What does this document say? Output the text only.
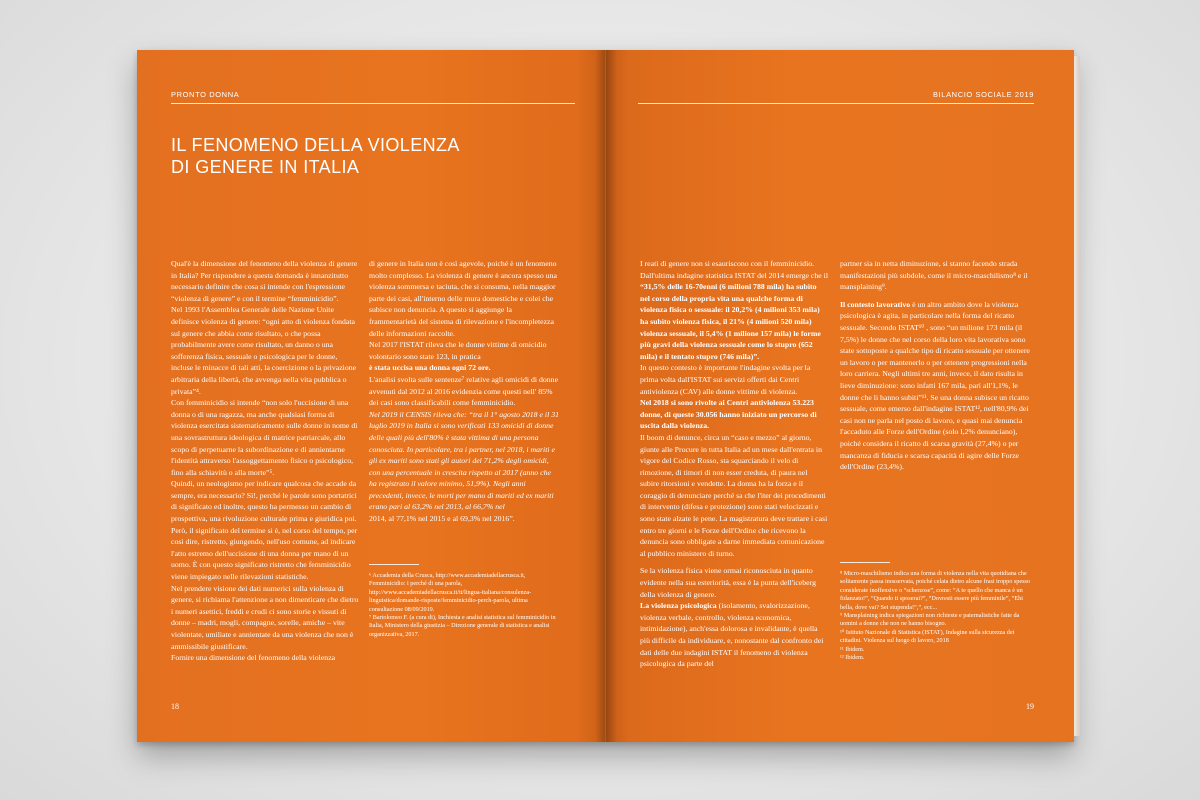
PRONTO DONNA
IL FENOMENO DELLA VIOLENZA
DI GENERE IN ITALIA

Qual'è la dimensione del fenomeno della violenza di genere in Italia? Per rispondere a questa domanda è innanzitutto necessario definire che cosa si intende con l'espressione “violenza di genere” e con il termine “femminicidio”.

Nel 1993 l'Assemblea Generale delle Nazione Unite definisce violenza di genere: “ogni atto di violenza fondata sul genere che abbia come risultato, o che possa probabilmente avere come risultato, un danno o una sofferenza fisica, sessuale o psicologica per le donne, incluse le minacce di tali atti, la coercizione o la privazione arbitraria della libertà, che avvenga nella vita pubblica o privata”⁴.

Con femminicidio si intende “non solo l'uccisione di una donna o di una ragazza, ma anche qualsiasi forma di violenza esercitata sistematicamente sulle donne in nome di una sovrastruttura ideologica di matrice patriarcale, allo scopo di perpetuarne la subordinazione e di annientarne l'identità attraverso l'assoggettamento fisico o psicologico, fino alla schiavitù o alla morte”⁵.

Quindi, un neologismo per indicare qualcosa che accade da sempre, era necessario? Sì!, perché le parole sono portatrici di significato ed inoltre, questo ha permesso un cambio di prospettiva, una rivoluzione culturale prima e giuridica poi. Però, il significato del termine si è, nel corso del tempo, per così dire, ristretto, giungendo, nell'uso comune, ad indicare l'atto estremo dell'uccisione di una donna per mano di un uomo. È con questo significato ristretto che femminicidio viene impiegato nelle rilevazioni statistiche.

Nel prendere visione dei dati numerici sulla violenza di genere, si richiama l'attenzione a non dimenticare che dietro i numeri asettici, freddi e crudi ci sono storie e vissuti di donne – madri, mogli, compagne, sorelle, amiche – vite violentate, umiliate e annientate da una violenza che non è ammissibile giustificare.

Fornire una dimensione del fenomeno della violenza

di genere in Italia non è così agevole, poiché è un fenomeno molto complesso. La violenza di genere è ancora spesso una violenza sommersa e taciuta, che si consuma, nella maggior parte dei casi, all'interno delle mura domestiche e colei che subisce non denuncia. A questo si aggiunge la frammentarietà del sistema di rilevazione e l'incompletezza delle informazioni raccolte.

Nel 2017 l'ISTAT rileva che le donne vittime di omicidio volontario sono state 123, in pratica

è stata uccisa una donna ogni 72 ore.

L'analisi svolta sulle sentenze⁷ relative agli omicidi di donne avvenuti dal 2012 al 2016 evidenzia come questi nell' 85% dei casi sono classificabili come femminicidio.

Nel 2019 il CENSIS rileva che: “tra il 1° agosto 2018 e il 31 luglio 2019 in Italia si sono verificati 133 omicidi di donne delle quali più dell'80% è stata vittima di una persona conosciuta. In particolare, tra i partner, nel 2018, i mariti e gli ex mariti sono stati gli autori del 71,2% degli omicidi, con una percentuale in crescita rispetto al 2017 (anno che ha registrato il valore minimo, 51,9%). Negli anni precedenti, invece, le morti per mano di mariti ed ex mariti erano pari al 63,2% nel 2013, al 66,7% nel

2014, al 77,1% nel 2015 e al 69,3% nel 2016”.

⁶ Accademia della Crusca, http://www.accademiadellacrusca.it, Femminicidio: i perché di una parola, http://www.accademiadellacrusca.it/it/lingua-italiana/consulenza-linguistica/domande-risposte/femminicidio-perch-parola, ultima consultazione 08/09/2019.

⁷ Bartolomeo F. (a cura di), Inchiesta e analisi statistica sul femminicidio in Italia, Ministero della giustizia – Direzione generale di statistica e analisi organizzativa, 2017.

18
BILANCIO SOCIALE 2019

I reati di genere non si esauriscono con il femminicidio. Dall'ultima indagine statistica ISTAT del 2014 emerge che il “31,5% delle 16-70enni (6 milioni 788 mila) ha subìto nel corso della propria vita una qualche forma di violenza fisica o sessuale: il 20,2% (4 milioni 353 mila) ha subìto violenza fisica, il 21% (4 milioni 520 mila) violenza sessuale, il 5,4% (1 milione 157 mila) le forme più gravi della violenza sessuale come lo stupro (652 mila) e il tentato stupro (746 mila)”.

In questo contesto è importante l'indagine svolta per la prima volta dall'ISTAT sui servizi offerti dai Centri antiviolenza (CAV) alle donne vittime di violenza.

Nel 2018 si sono rivolte ai Centri antiviolenza 53.223 donne, di queste 30.056 hanno iniziato un percorso di uscita dalla violenza.

Il boom di denunce, circa un “caso e mezzo” al giorno, giunte alle Procure in tutta Italia ad un mese dall'entrata in vigore del Codice Rosso, sta squarciando il velo di rimozione, di timori di non esser creduta, di paura nel subire ritorsioni e vendette. La donna ha la forza e il coraggio di denunciare perché sa che l'iter dei procedimenti di intervento (difesa e protezione) sono stati velocizzati e sono state alzate le pene. La magistratura deve trattare i casi entro tre giorni e le Forze dell'Ordine che ricevono la denuncia sono obbligate a darne immediata comunicazione al pubblico ministero di turno.

Se la violenza fisica viene ormai riconosciuta in quanto evidente nella sua esteriorità, essa è la punta dell'iceberg della violenza di genere.

La violenza psicologica (isolamento, svalorizzazione, violenza verbale, controllo, violenza economica, intimidazione), anch'essa dolorosa e invalidante, è quella più difficile da individuare, e, nonostante dal confronto dei dati delle due indagini ISTAT il fenomeno di violenza psicologica da parte del

partner sia in netta diminuzione, si stanno facendo strada manifestazioni più subdole, come il micro-maschilismo⁸ e il mansplaining⁹.

Il contesto lavorativo è un altro ambito dove la violenza psicologica è agita, in particolare nella forma del ricatto sessuale. Secondo ISTAT¹⁰ , sono “un milione 173 mila (il 7,5%) le donne che nel corso della loro vita lavorativa sono state sottoposte a qualche tipo di ricatto sessuale per ottenere un lavoro o per mantenerlo o per ottenere progressioni nella loro carriera. Negli ultimi tre anni, invece, il dato risulta in lieve diminuzione: sono infatti 167 mila, pari all'1,1%, le donne che li hanno subiti”¹¹. Se una donna subisce un ricatto sessuale, come emerso dall'indagine ISTAT¹², nell'80,9% dei casi non ne parla nel posto di lavoro, e quasi mai denuncia l'accaduto alle Forze dell'Ordine (solo l,2% denunciano), poiché considera il ricatto di scarsa gravità (27,4%) o per mancanza di fiducia e scarsa capacità di agire delle Forze dell'Ordine (23,4%).

⁸ Micro-maschilismo indica una forma di violenza nella vita quotidiana che solitamente passa inosservata, poiché celata dietro alcune frasi troppo spesso considerate inoffensive o “scherzose”, come: “A te quello che manca è un fidanzato!”, “Quando ti sposerai?”, “Dovresti essere più femminile”, “Ehi bella, dove vai? Sei stupenda!”,”, ecc...

⁹ Mansplaining indica spiegazioni non richieste e paternalistiche fatte da uomini a donne che non ne hanno bisogno.

¹⁰ Istituto Nazionale di Statistica (ISTAT), Indagine sulla sicurezza dei cittadini. Violenza sul luogo di lavoro, 2018

¹¹ Ibidem.

¹² Ibidem.

19
